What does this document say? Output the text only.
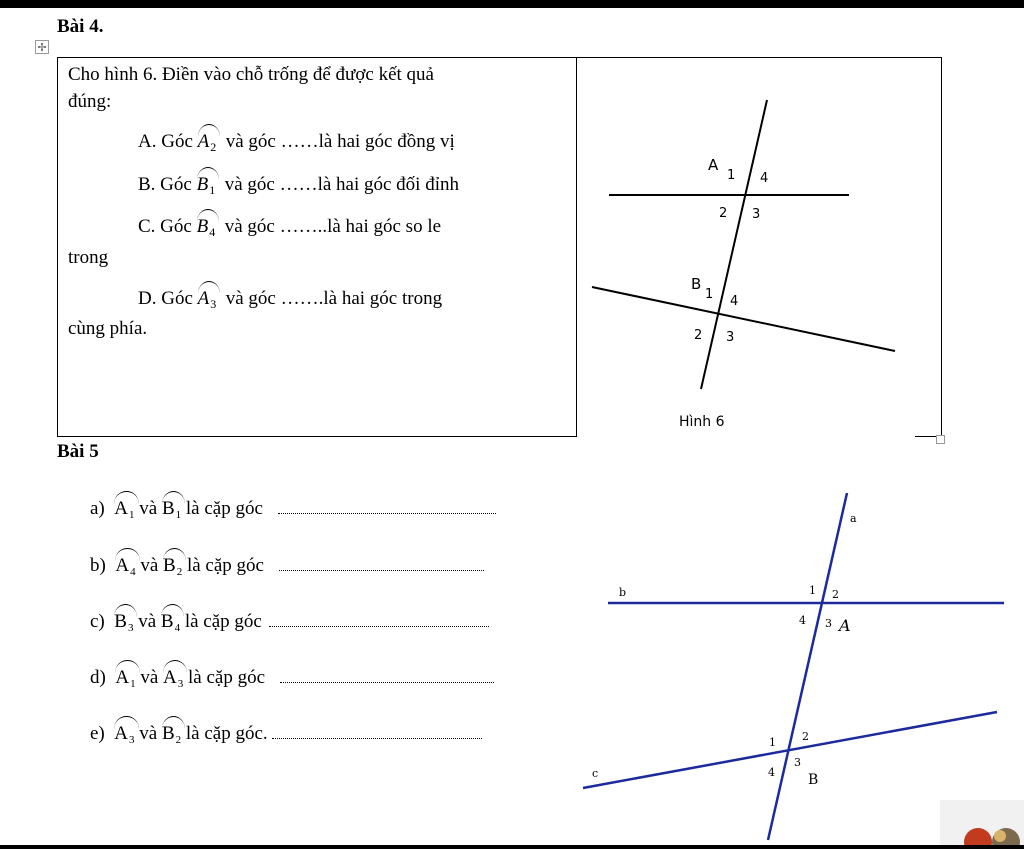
Bài 4.
✢
Cho hình 6. Điền vào chỗ trống để được kết quả
đúng:
A. Góc $A_2$ và góc ……là hai góc đồng vị
B. Góc $B_1$ và góc ……là hai góc đối đỉnh
C. Góc $B_4$ và góc ……..là hai góc so le
trong
D. Góc $A_3$ và góc …….là hai góc trong
cùng phía.
A
1 4
2 3
B
1 4
2 3
Hình 6
Bài 5
a) $A_1$ và $B_1$ là cặp góc
b) $A_4$ và $B_2$ là cặp góc
c) $B_3$ và $B_4$ là cặp góc
d) $A_1$ và $A_3$ là cặp góc
e) $A_3$ và $B_2$ là cặp góc.
a
b
c
1 2
4 3 A
1 2
4
3
B
